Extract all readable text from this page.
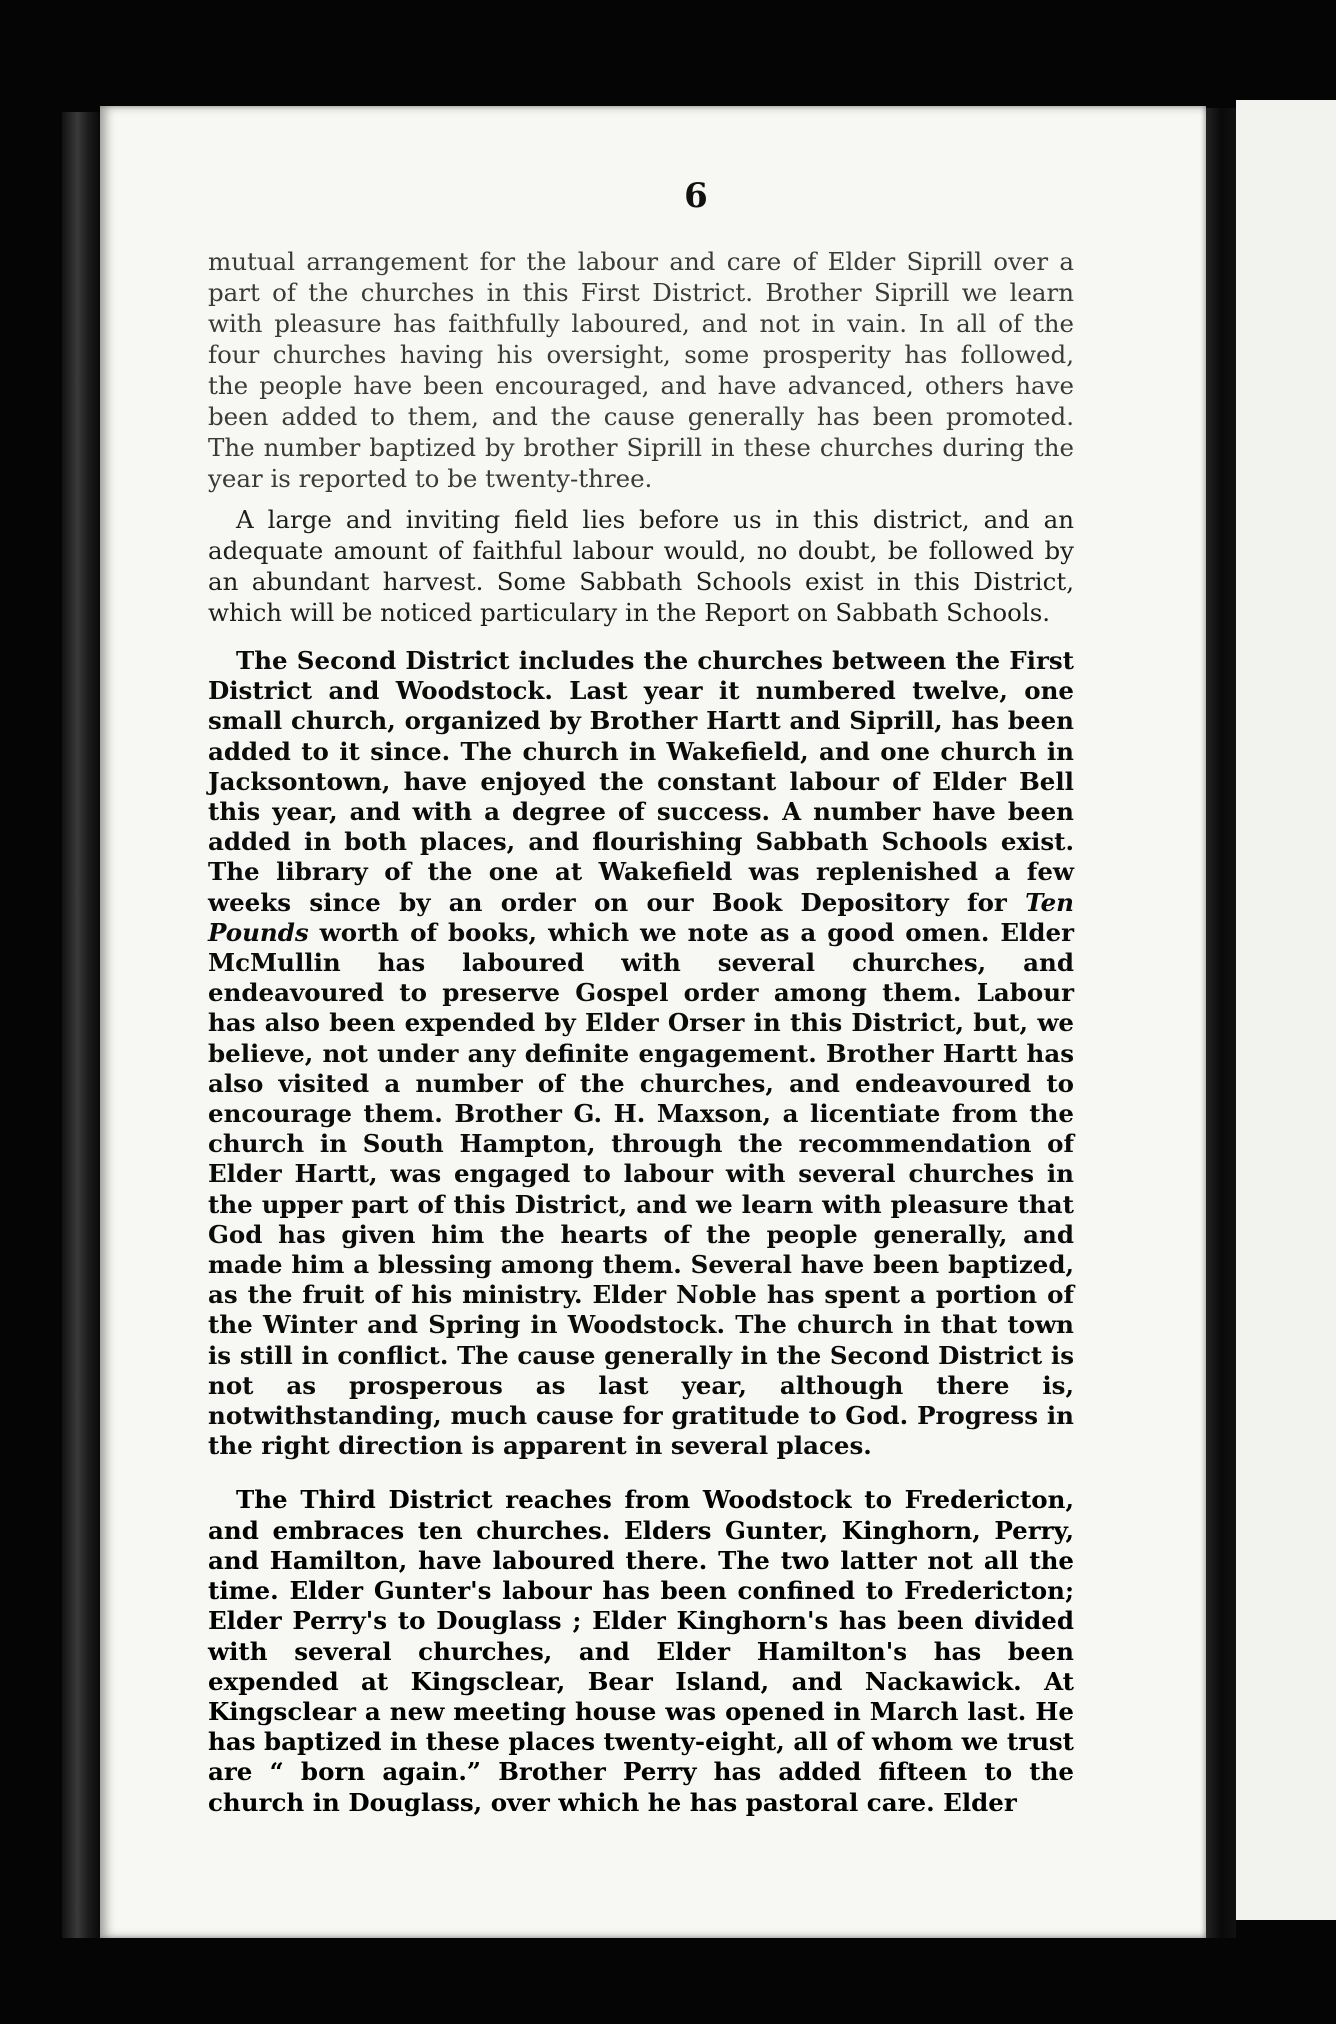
6

mutual arrangement for the labour and care of Elder Siprill over a part of the churches in this First District. Brother Siprill we learn with pleasure has faithfully laboured, and not in vain. In all of the four churches having his oversight, some prosperity has followed, the people have been encouraged, and have advanced, others have been added to them, and the cause generally has been promoted. The number baptized by brother Siprill in these churches during the year is reported to be twenty-three.

A large and inviting field lies before us in this district, and an adequate amount of faithful labour would, no doubt, be followed by an abundant harvest. Some Sabbath Schools exist in this District, which will be noticed particulary in the Report on Sabbath Schools.

The Second District includes the churches between the First District and Woodstock. Last year it numbered twelve, one small church, organized by Brother Hartt and Siprill, has been added to it since. The church in Wakefield, and one church in Jacksontown, have enjoyed the constant labour of Elder Bell this year, and with a degree of success. A number have been added in both places, and flourishing Sabbath Schools exist. The library of the one at Wakefield was replenished a few weeks since by an order on our Book Depository for Ten Pounds worth of books, which we note as a good omen. Elder McMullin has laboured with several churches, and endeavoured to preserve Gospel order among them. Labour has also been expended by Elder Orser in this District, but, we believe, not under any definite engagement. Brother Hartt has also visited a number of the churches, and endeavoured to encourage them. Brother G. H. Maxson, a licentiate from the church in South Hampton, through the recommendation of Elder Hartt, was engaged to labour with several churches in the upper part of this District, and we learn with pleasure that God has given him the hearts of the people generally, and made him a blessing among them. Several have been baptized, as the fruit of his ministry. Elder Noble has spent a portion of the Winter and Spring in Woodstock. The church in that town is still in conflict. The cause generally in the Second District is not as prosperous as last year, although there is, notwithstanding, much cause for gratitude to God. Progress in the right direction is apparent in several places.

The Third District reaches from Woodstock to Fredericton, and embraces ten churches. Elders Gunter, Kinghorn, Perry, and Hamilton, have laboured there. The two latter not all the time. Elder Gunter's labour has been confined to Fredericton; Elder Perry's to Douglass ; Elder Kinghorn's has been divided with several churches, and Elder Hamilton's has been expended at Kingsclear, Bear Island, and Nackawick. At Kingsclear a new meeting house was opened in March last. He has baptized in these places twenty-eight, all of whom we trust are “ born again.” Brother Perry has added fifteen to the church in Douglass, over which he has pastoral care. Elder
